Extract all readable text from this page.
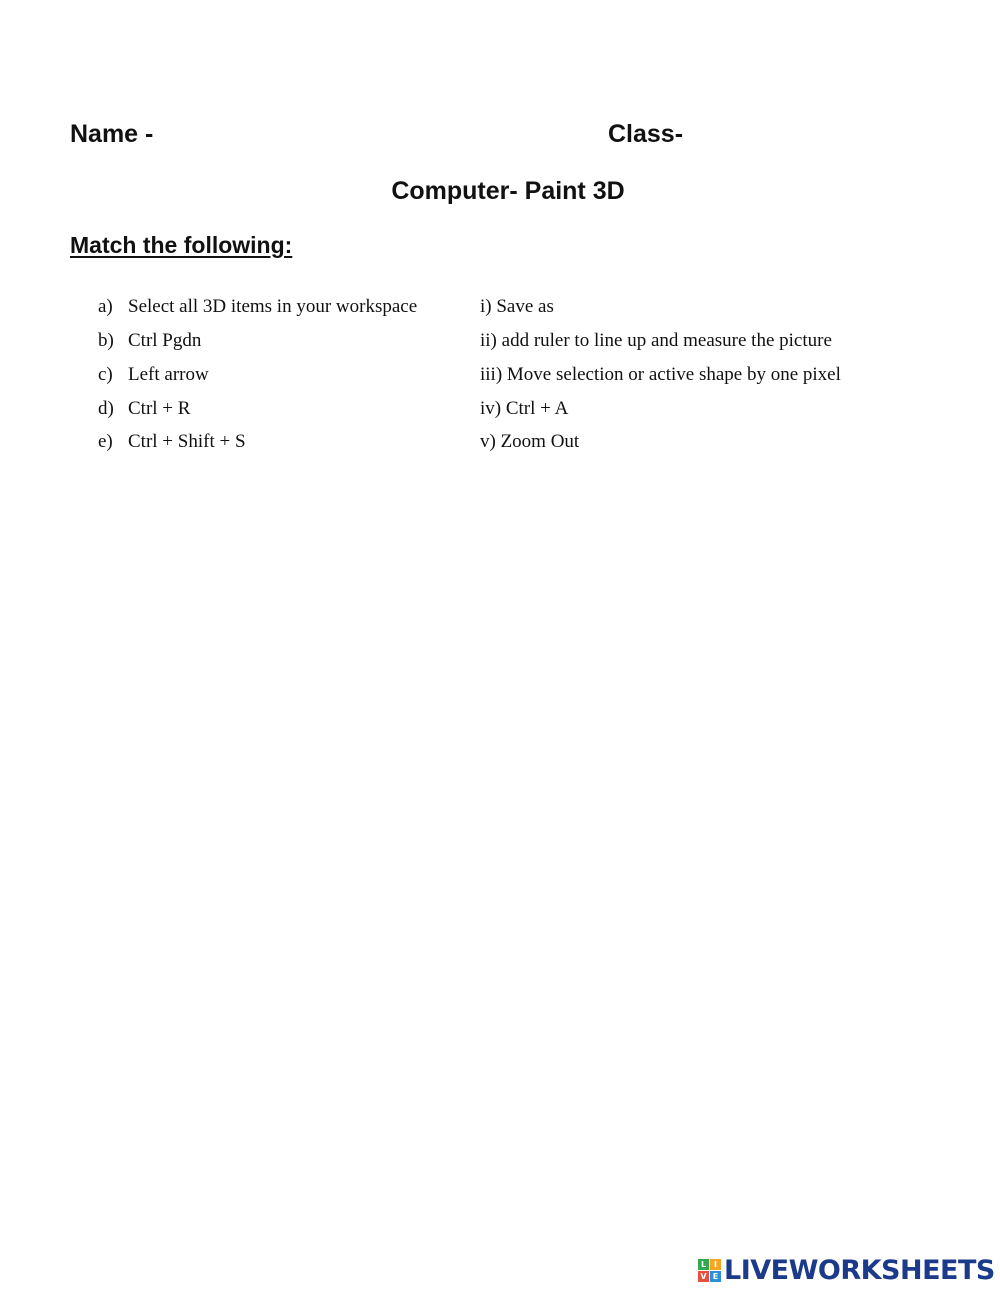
Name -	Class-
Computer- Paint 3D
Match the following:
a) Select all 3D items in your workspace	i) Save as
b) Ctrl Pgdn	ii) add ruler to line up and measure the picture
c) Left arrow	iii) Move selection or active shape by one pixel
d) Ctrl + R	iv) Ctrl + A
e) Ctrl + Shift + S	v) Zoom Out
L I
V E LIVEWORKSHEETS
